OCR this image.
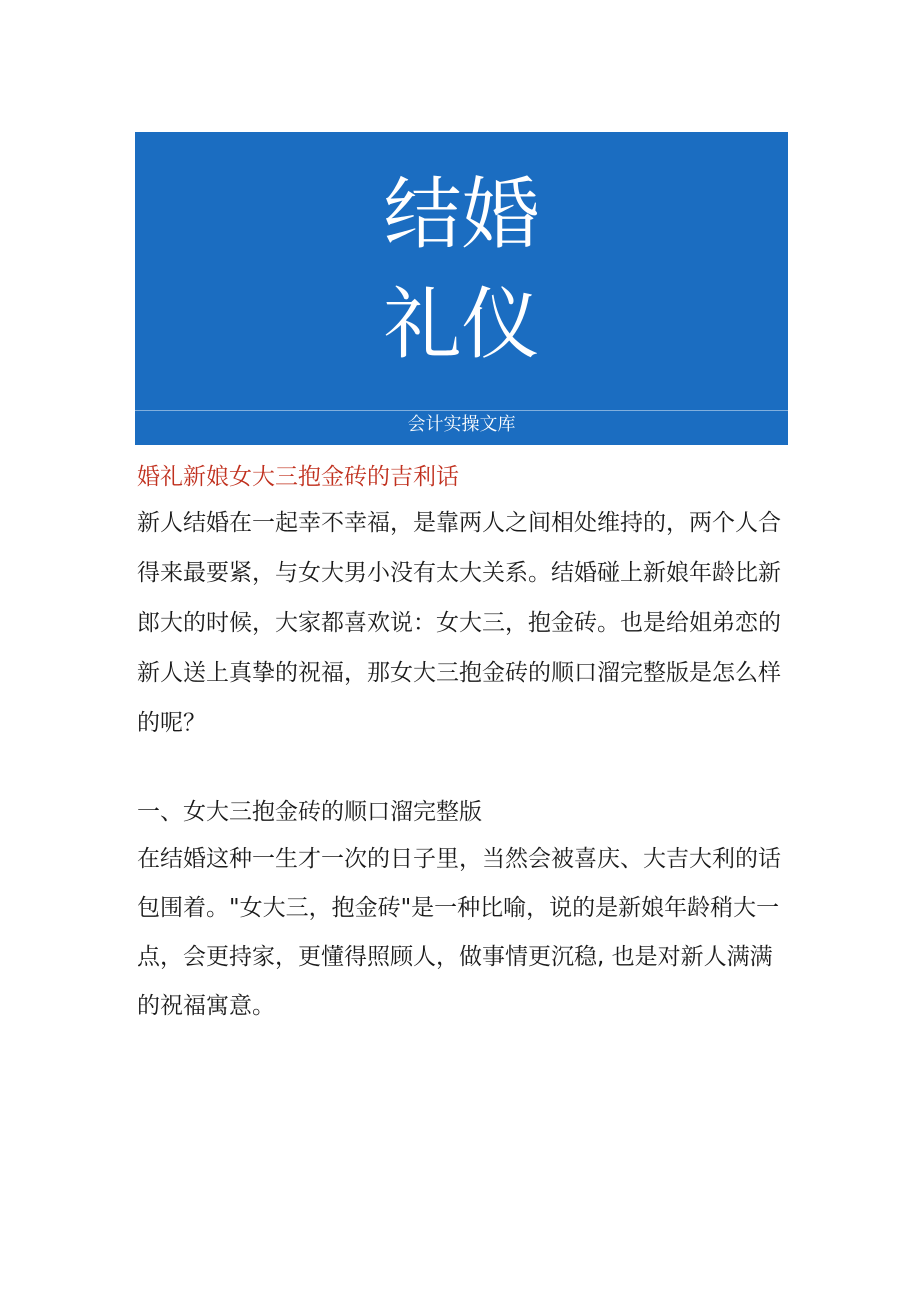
结婚
礼仪
会计实操文库
婚礼新娘女大三抱金砖的吉利话
新人结婚在一起幸不幸福，是靠两人之间相处维持的，两个人合
得来最要紧，与女大男小没有太大关系。结婚碰上新娘年龄比新
郎大的时候，大家都喜欢说：女大三，抱金砖。也是给姐弟恋的
新人送上真挚的祝福，那女大三抱金砖的顺口溜完整版是怎么样
的呢？
一、女大三抱金砖的顺口溜完整版
在结婚这种一生才一次的日子里，当然会被喜庆、大吉大利的话
包围着。"女大三，抱金砖"是一种比喻，说的是新娘年龄稍大一
点，会更持家，更懂得照顾人，做事情更沉稳, 也是对新人满满
的祝福寓意。
